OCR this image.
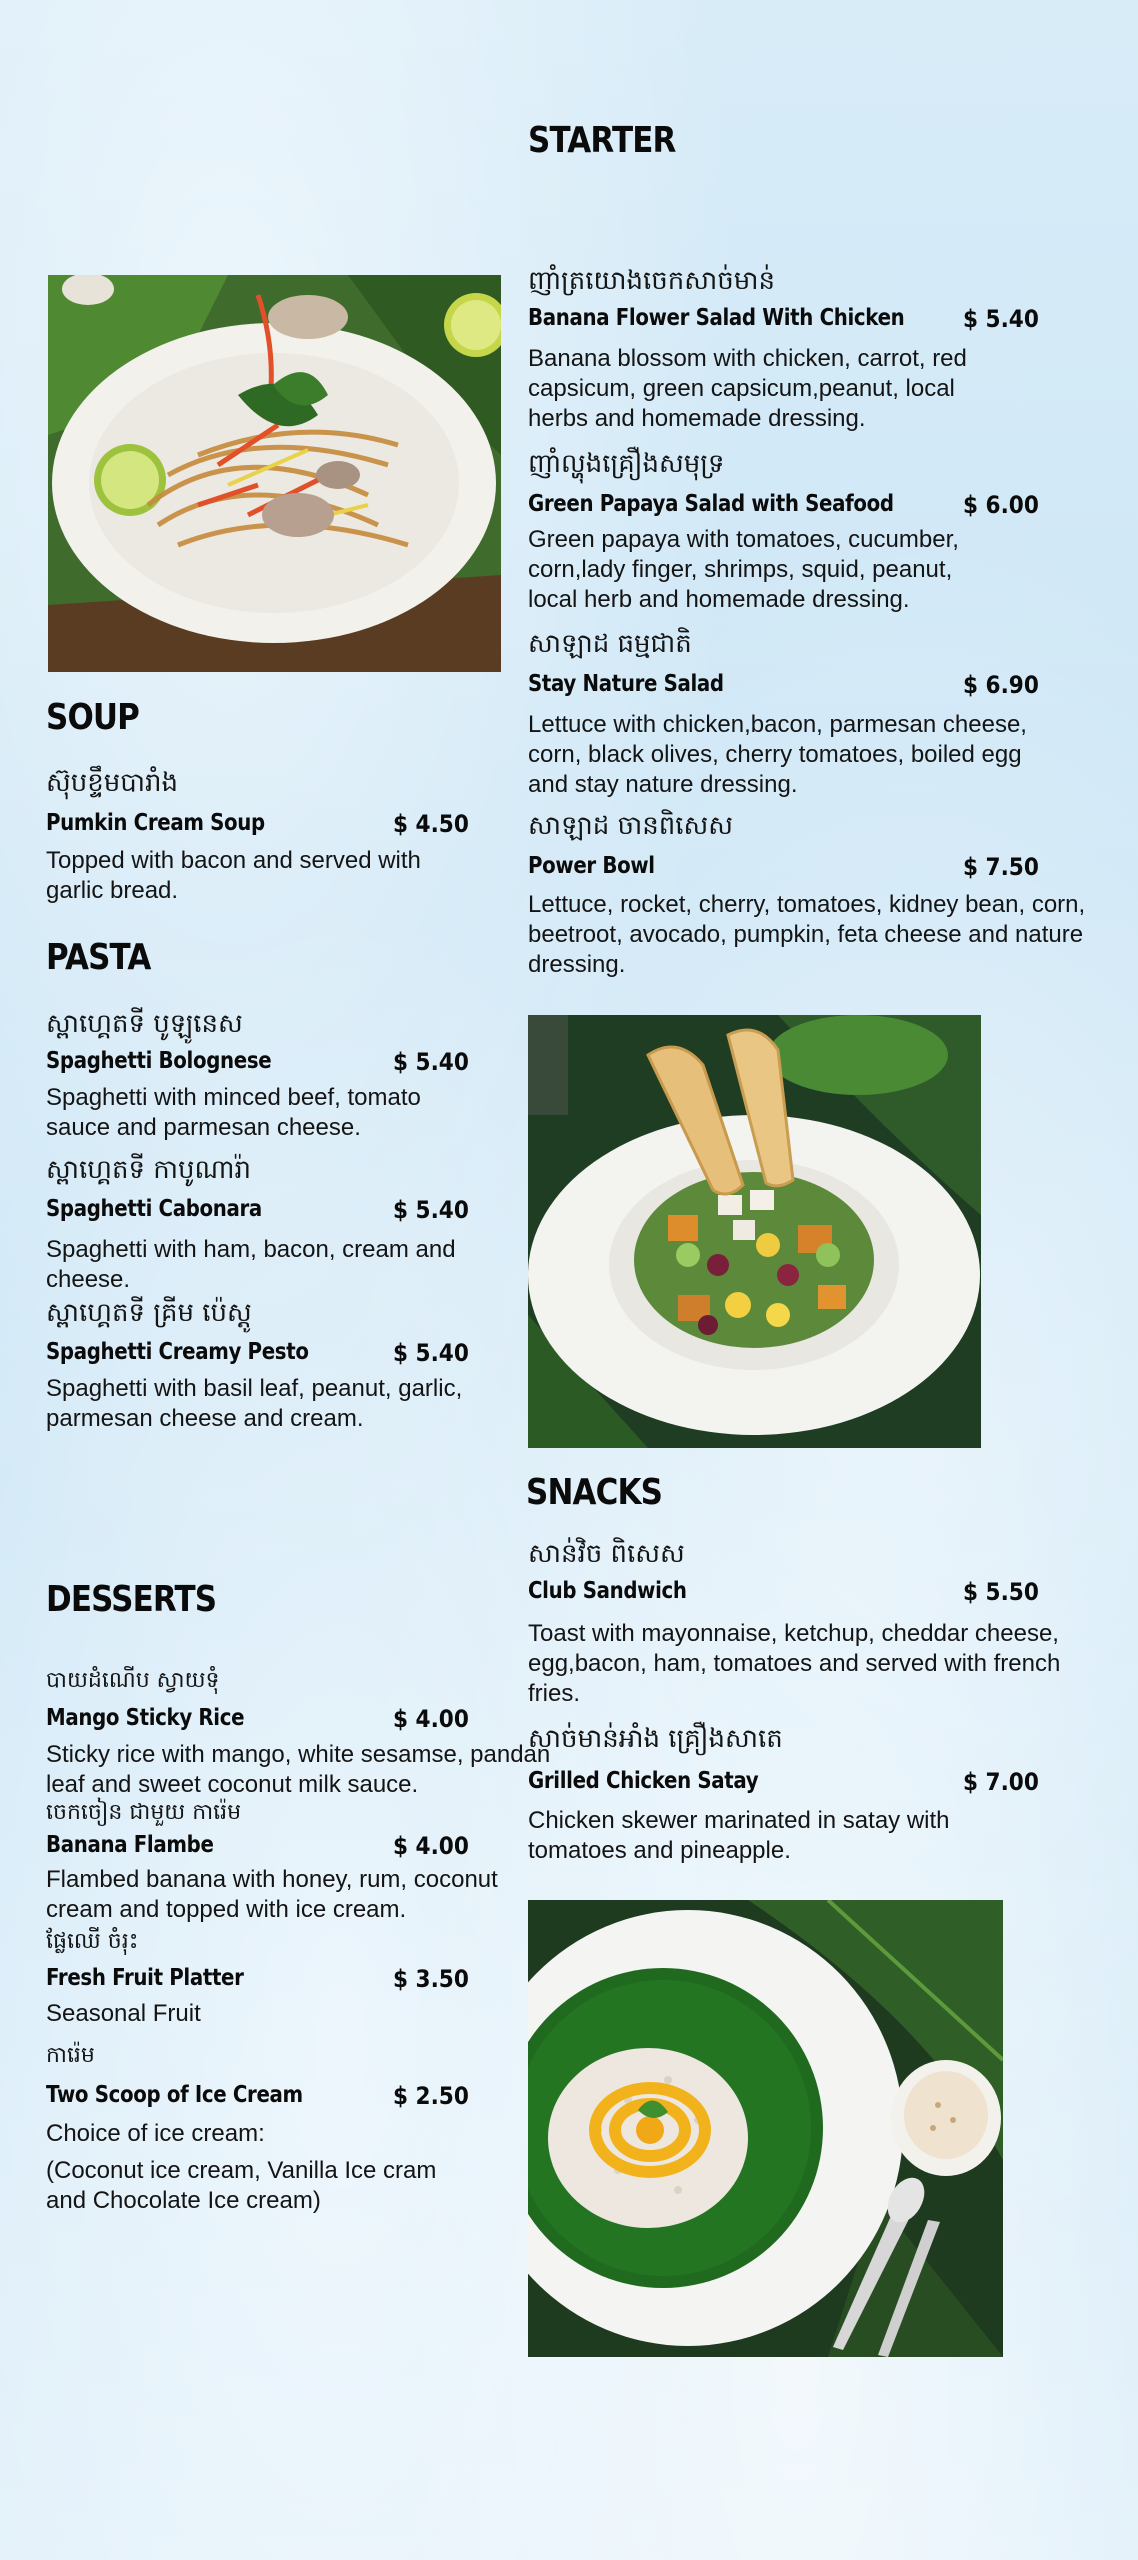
STARTER
ញាំត្រយោងចេកសាច់មាន់
Banana Flower Salad With Chicken $ 5.40
Banana blossom with chicken, carrot, red capsicum, green capsicum,peanut, local herbs and homemade dressing.
ញាំល្ហុងគ្រឿងសមុទ្រ
Green Papaya Salad with Seafood	$ 6.00
Green papaya with tomatoes, cucumber, corn,lady finger, shrimps, squid, peanut, local herb and homemade dressing.
សាឡាដ ធម្មជាតិ
Stay Nature Salad	$ 6.90
Lettuce with chicken,bacon, parmesan cheese, corn, black olives, cherry tomatoes, boiled egg and stay nature dressing.
សាឡាដ ចានពិសេស
Power Bowl	$ 7.50
Lettuce, rocket, cherry, tomatoes, kidney bean, corn, beetroot, avocado, pumpkin, feta cheese and nature dressing.
SOUP
ស៊ុបខ្ទឹមបារាំង
Pumkin Cream Soup	$ 4.50
Topped with bacon and served with garlic bread.
PASTA
ស្ពាហ្គេតទី បូឡូនេស
Spaghetti Bolognese	$ 5.40
Spaghetti with minced beef, tomato sauce and parmesan cheese.
ស្ពាហ្គេតទី កាបូណារ៉ា
Spaghetti Cabonara	$ 5.40
Spaghetti with ham, bacon, cream and cheese.
ស្ពាហ្គេតទី គ្រីម ប៉េស្តូ
Spaghetti Creamy Pesto	$ 5.40
Spaghetti with basil leaf, peanut, garlic, parmesan cheese and cream.
SNACKS
សាន់វិច ពិសេស
Club Sandwich	$ 5.50
Toast with mayonnaise, ketchup, cheddar cheese, egg,bacon, ham, tomatoes and served with french fries.
សាច់មាន់អាំង គ្រឿងសាតេ
Grilled Chicken Satay	$ 7.00
Chicken skewer marinated in satay with tomatoes and pineapple.
DESSERTS
បាយដំណើប ស្វាយទុំ
Mango Sticky Rice	$ 4.00
Sticky rice with mango, white sesamse, pandan leaf and sweet coconut milk sauce.
ចេកចៀន ជាមួយ ការ៉េម
Banana Flambe	$ 4.00
Flambed banana with honey, rum, coconut cream and topped with ice cream.
ផ្លែឈើ ចំរុះ
Fresh Fruit Platter	$ 3.50
Seasonal Fruit
ការ៉េម
Two Scoop of Ice Cream	$ 2.50
Choice of ice cream:
(Coconut ice cream, Vanilla Ice cram and Chocolate Ice cream)
